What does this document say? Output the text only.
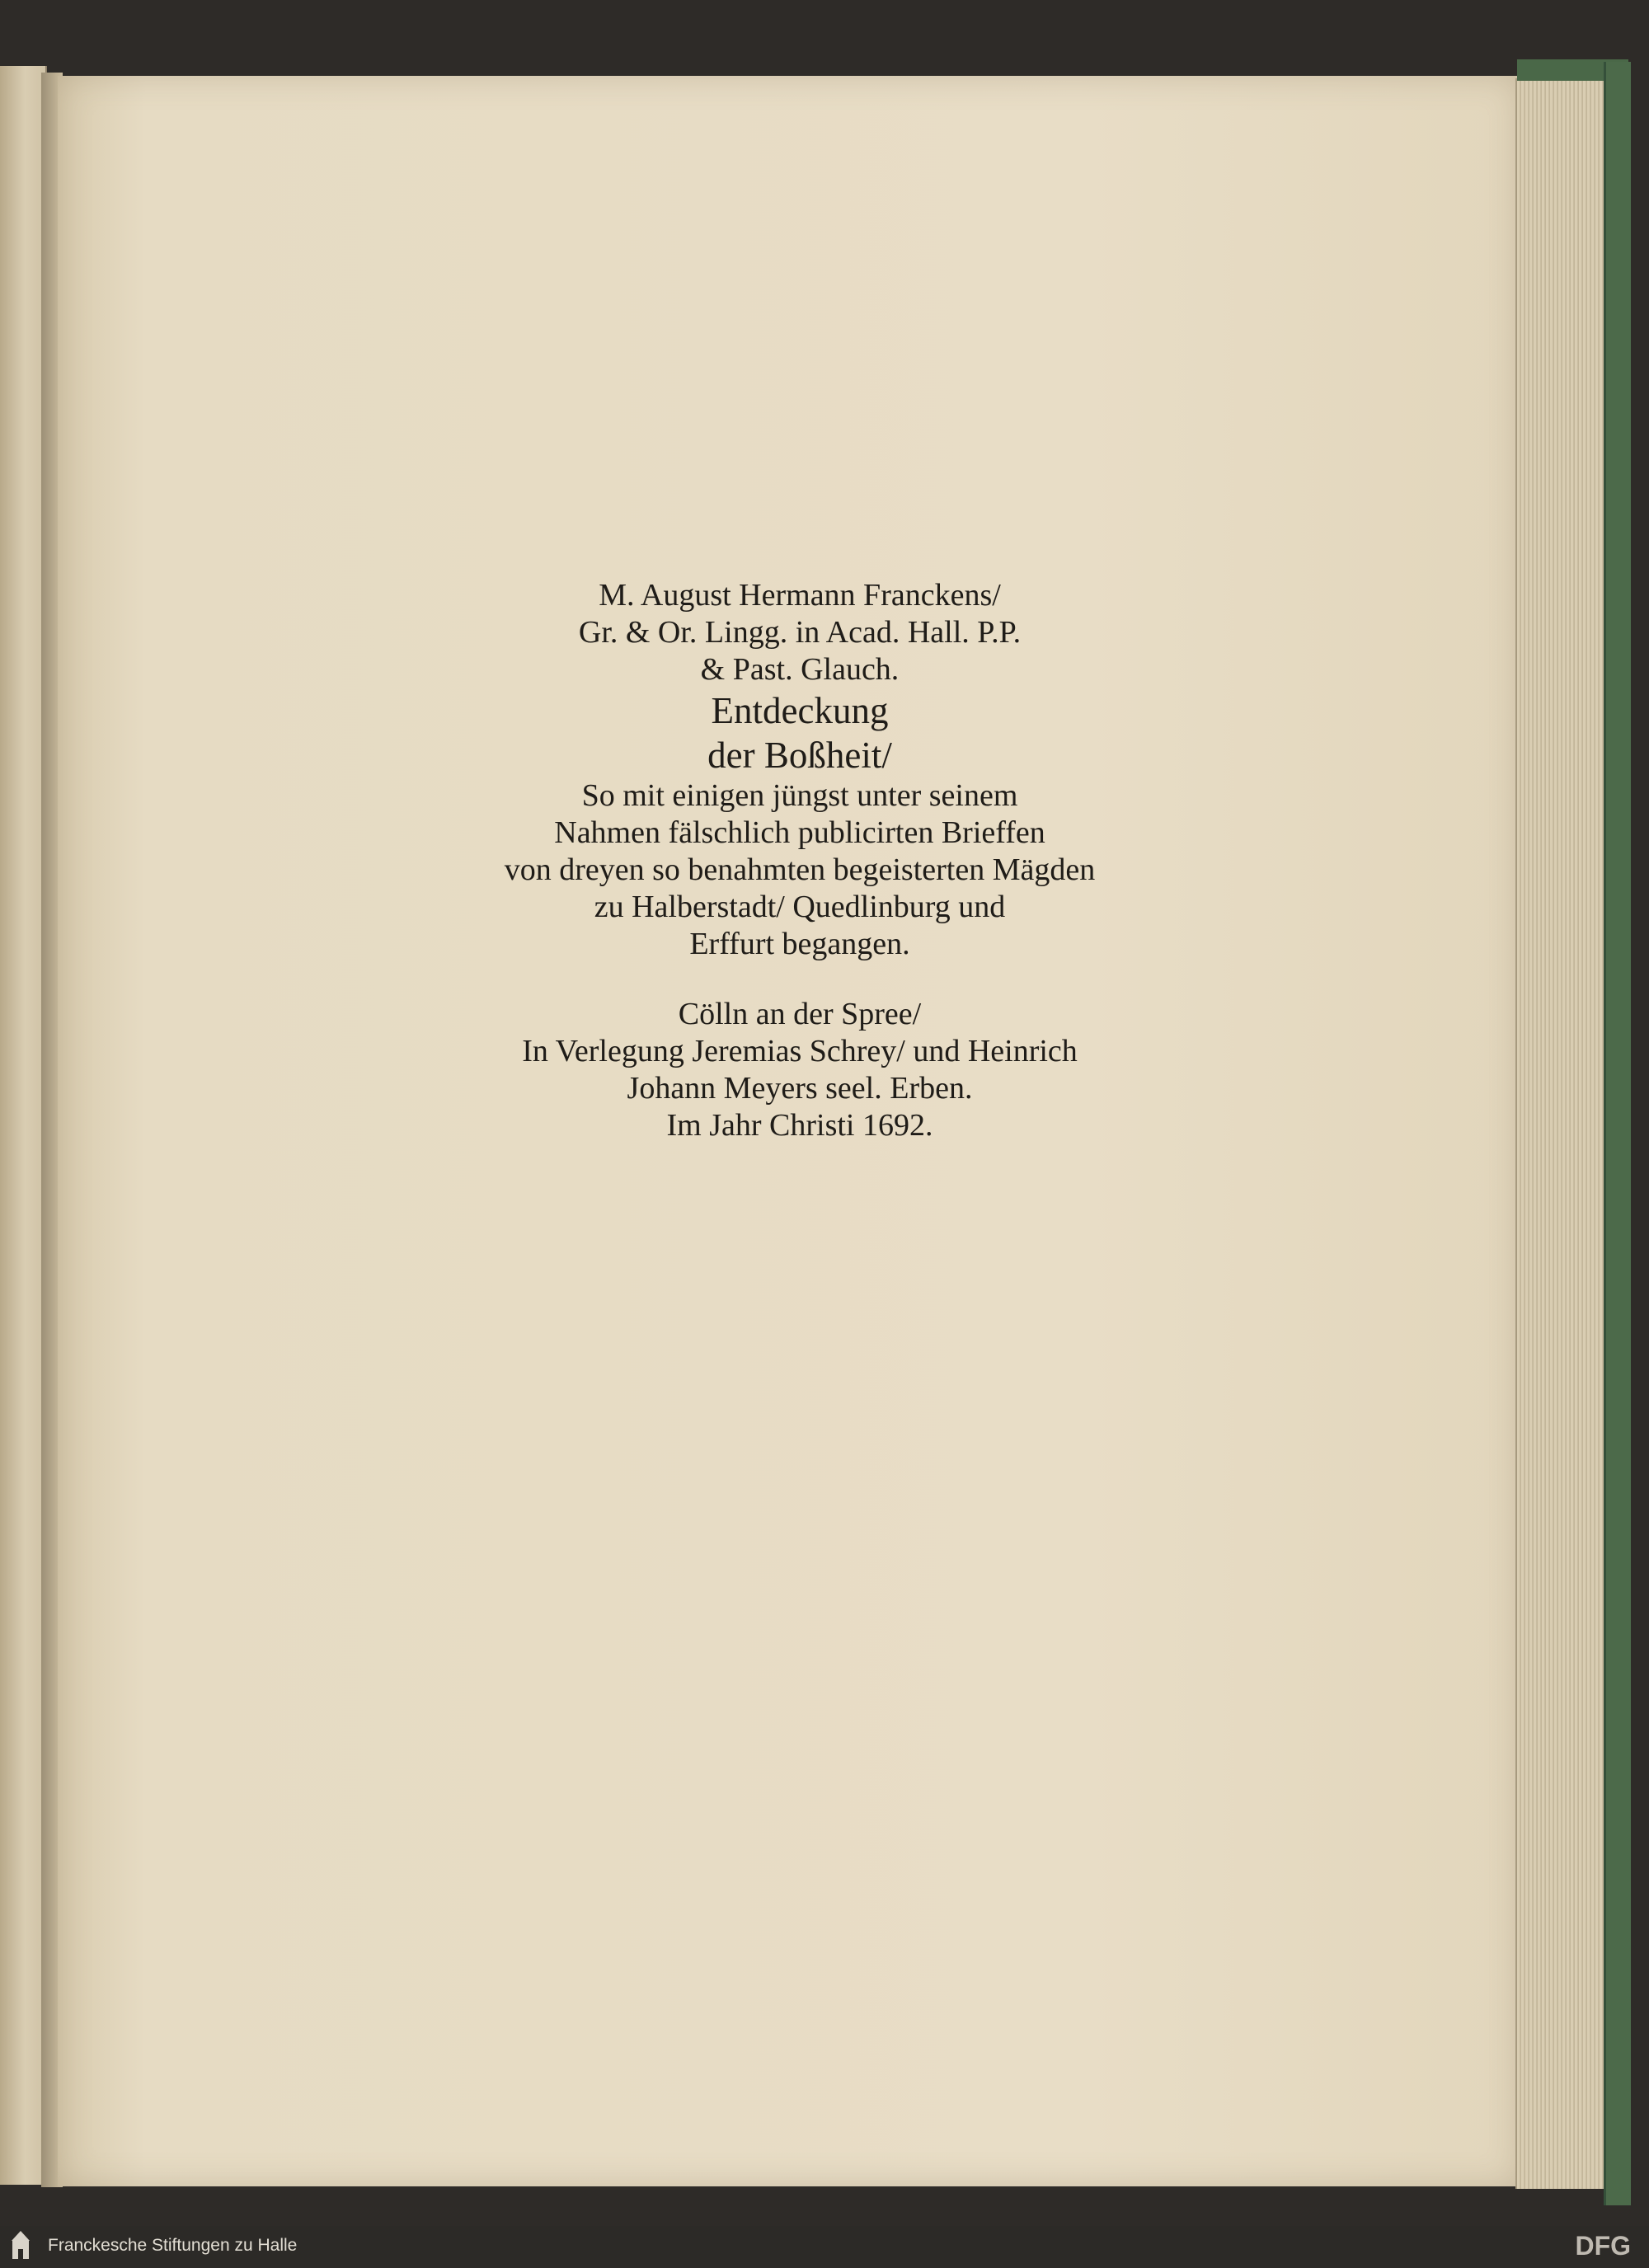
M. August Hermann Franckens/
Gr. & Or. Lingg. in Acad. Hall. P.P.
& Past. Glauch.
Entdeckung
der Boßheit/
So mit einigen jüngst unter seinem
Nahmen fälschlich publicirten Brieffen
von dreyen so benahmten begeisterten Mägden
zu Halberstadt/ Quedlinburg und
Erffurt begangen.
Cölln an der Spree/
In Verlegung Jeremias Schrey/ und Heinrich
Johann Meyers seel. Erben.
Im Jahr Christi 1692.
Franckesche Stiftungen zu Halle	DFG
